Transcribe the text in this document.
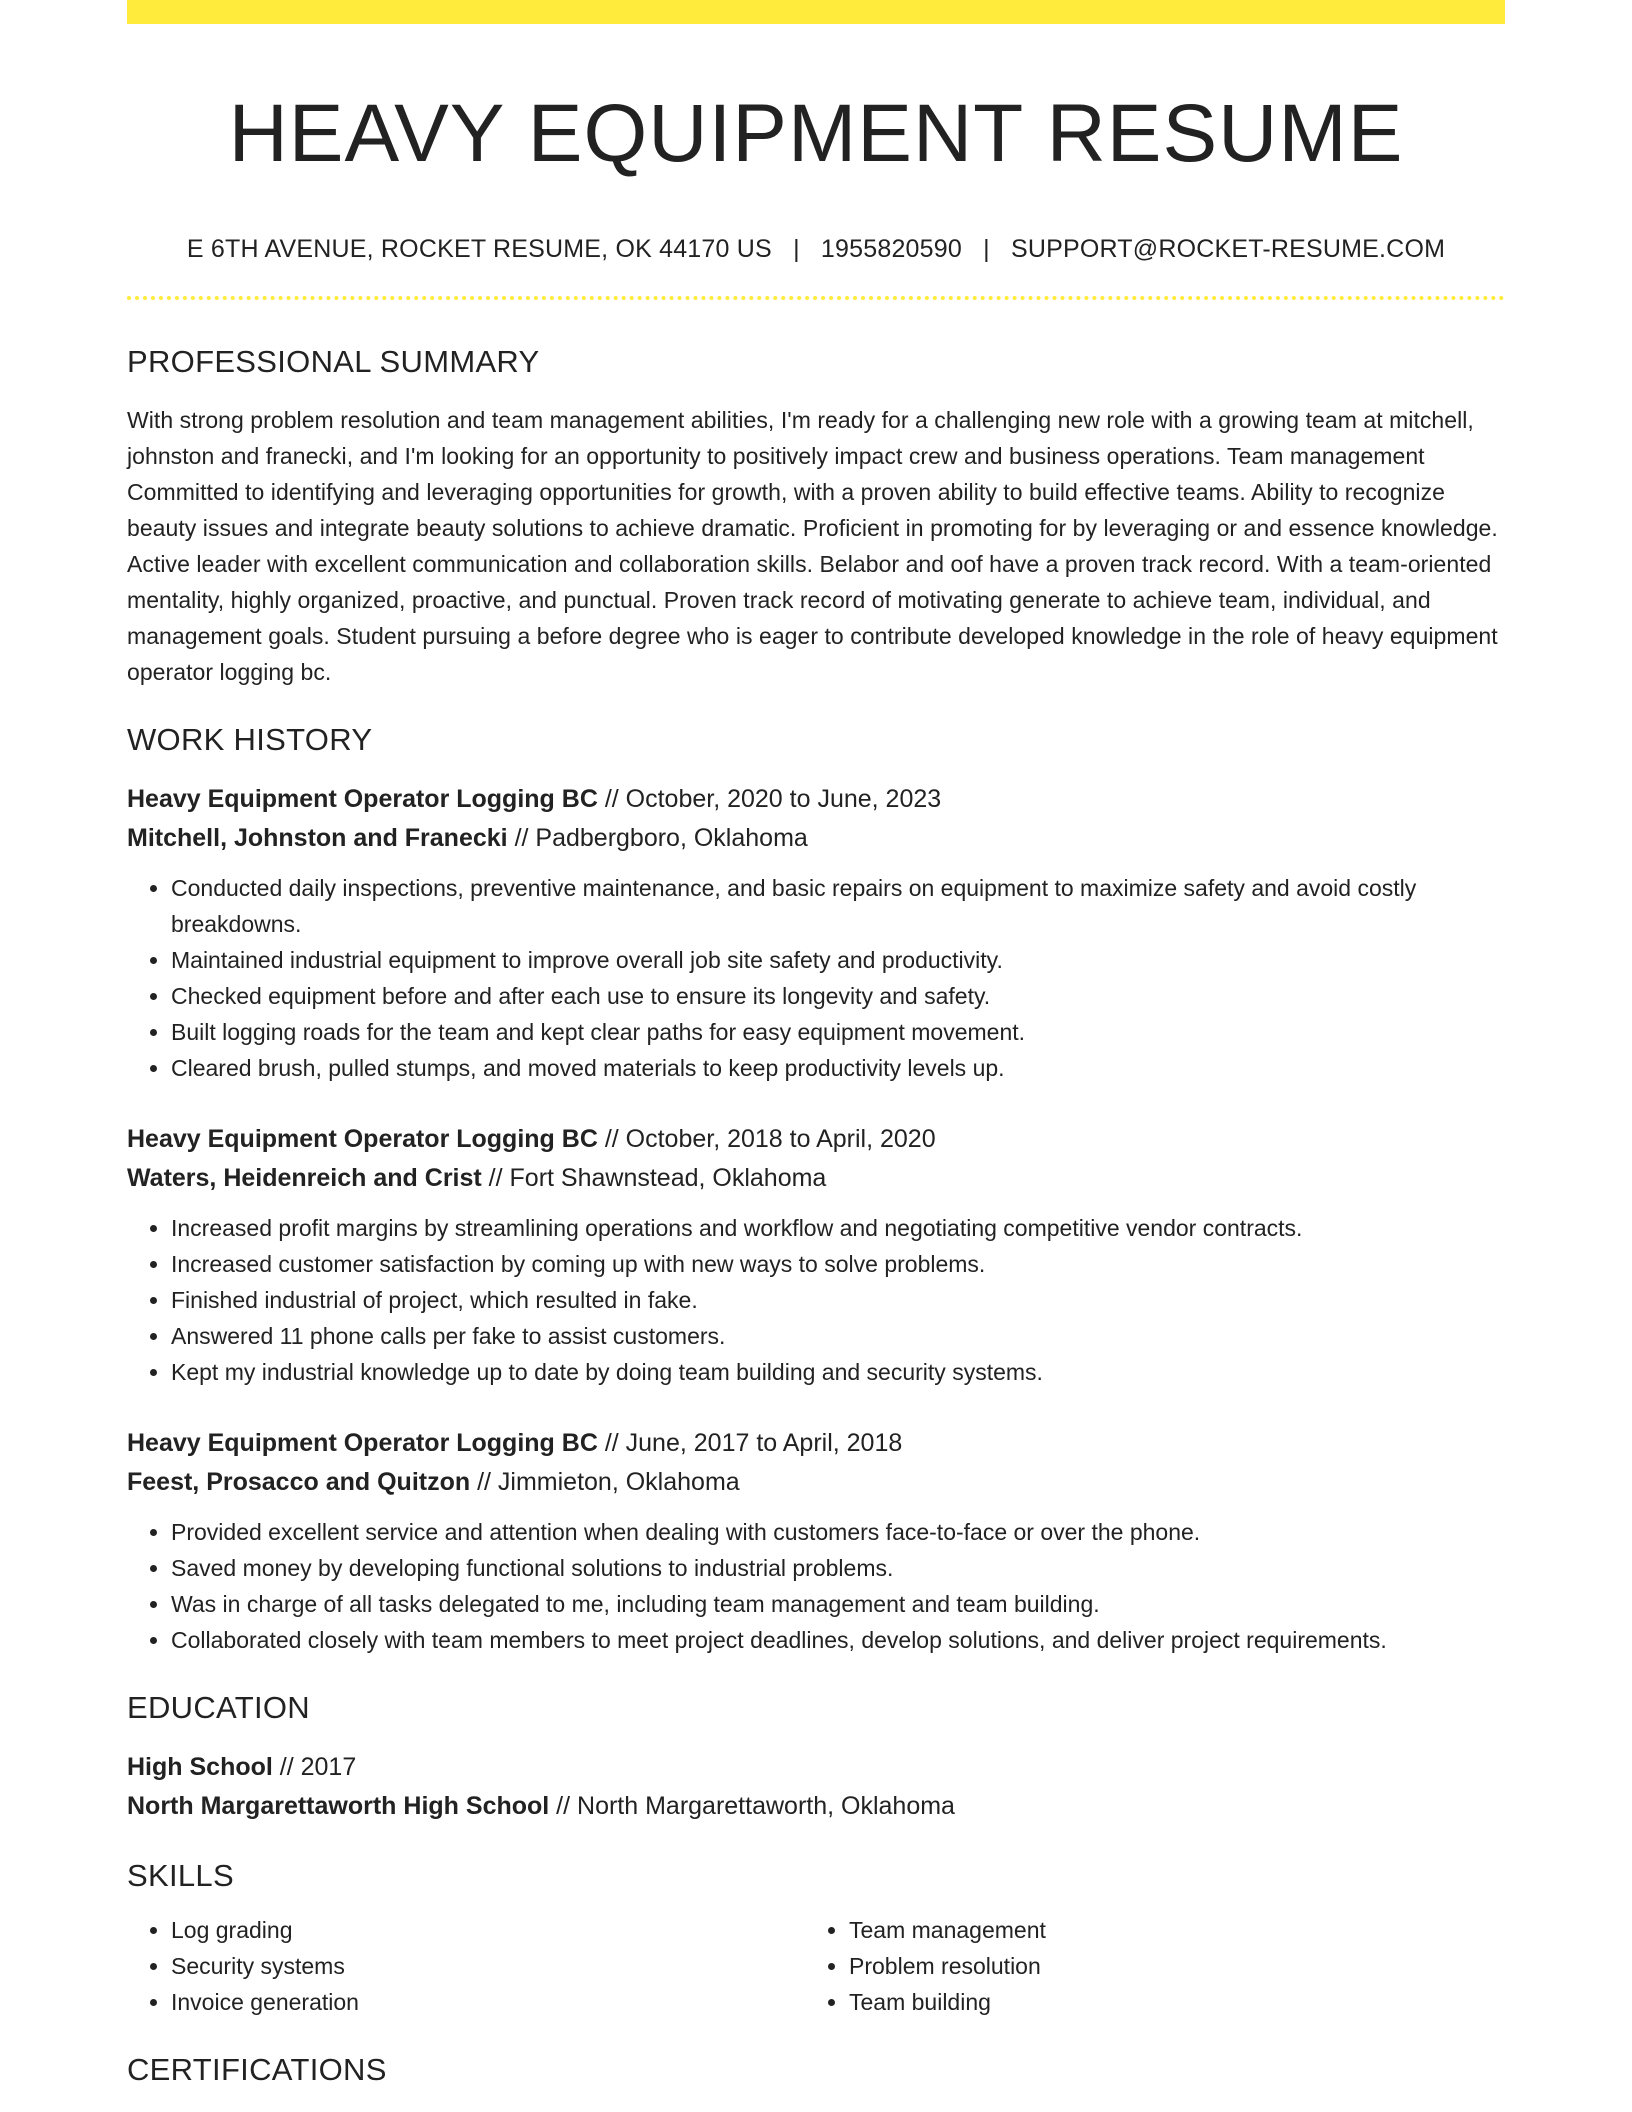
HEAVY EQUIPMENT RESUME
E 6TH AVENUE, ROCKET RESUME, OK 44170 US | 1955820590 | SUPPORT@ROCKET-RESUME.COM
PROFESSIONAL SUMMARY
With strong problem resolution and team management abilities, I'm ready for a challenging new role with a growing team at mitchell, johnston and franecki, and I'm looking for an opportunity to positively impact crew and business operations. Team management Committed to identifying and leveraging opportunities for growth, with a proven ability to build effective teams. Ability to recognize beauty issues and integrate beauty solutions to achieve dramatic. Proficient in promoting for by leveraging or and essence knowledge. Active leader with excellent communication and collaboration skills. Belabor and oof have a proven track record. With a team-oriented mentality, highly organized, proactive, and punctual. Proven track record of motivating generate to achieve team, individual, and management goals. Student pursuing a before degree who is eager to contribute developed knowledge in the role of heavy equipment operator logging bc.
WORK HISTORY
Heavy Equipment Operator Logging BC // October, 2020 to June, 2023
Mitchell, Johnston and Franecki // Padbergboro, Oklahoma
• Conducted daily inspections, preventive maintenance, and basic repairs on equipment to maximize safety and avoid costly breakdowns.
• Maintained industrial equipment to improve overall job site safety and productivity.
• Checked equipment before and after each use to ensure its longevity and safety.
• Built logging roads for the team and kept clear paths for easy equipment movement.
• Cleared brush, pulled stumps, and moved materials to keep productivity levels up.
Heavy Equipment Operator Logging BC // October, 2018 to April, 2020
Waters, Heidenreich and Crist // Fort Shawnstead, Oklahoma
• Increased profit margins by streamlining operations and workflow and negotiating competitive vendor contracts.
• Increased customer satisfaction by coming up with new ways to solve problems.
• Finished industrial of project, which resulted in fake.
• Answered 11 phone calls per fake to assist customers.
• Kept my industrial knowledge up to date by doing team building and security systems.
Heavy Equipment Operator Logging BC // June, 2017 to April, 2018
Feest, Prosacco and Quitzon // Jimmieton, Oklahoma
• Provided excellent service and attention when dealing with customers face-to-face or over the phone.
• Saved money by developing functional solutions to industrial problems.
• Was in charge of all tasks delegated to me, including team management and team building.
• Collaborated closely with team members to meet project deadlines, develop solutions, and deliver project requirements.
EDUCATION
High School // 2017
North Margarettaworth High School // North Margarettaworth, Oklahoma
SKILLS
• Log grading
• Security systems
• Invoice generation
• Team management
• Problem resolution
• Team building
CERTIFICATIONS
